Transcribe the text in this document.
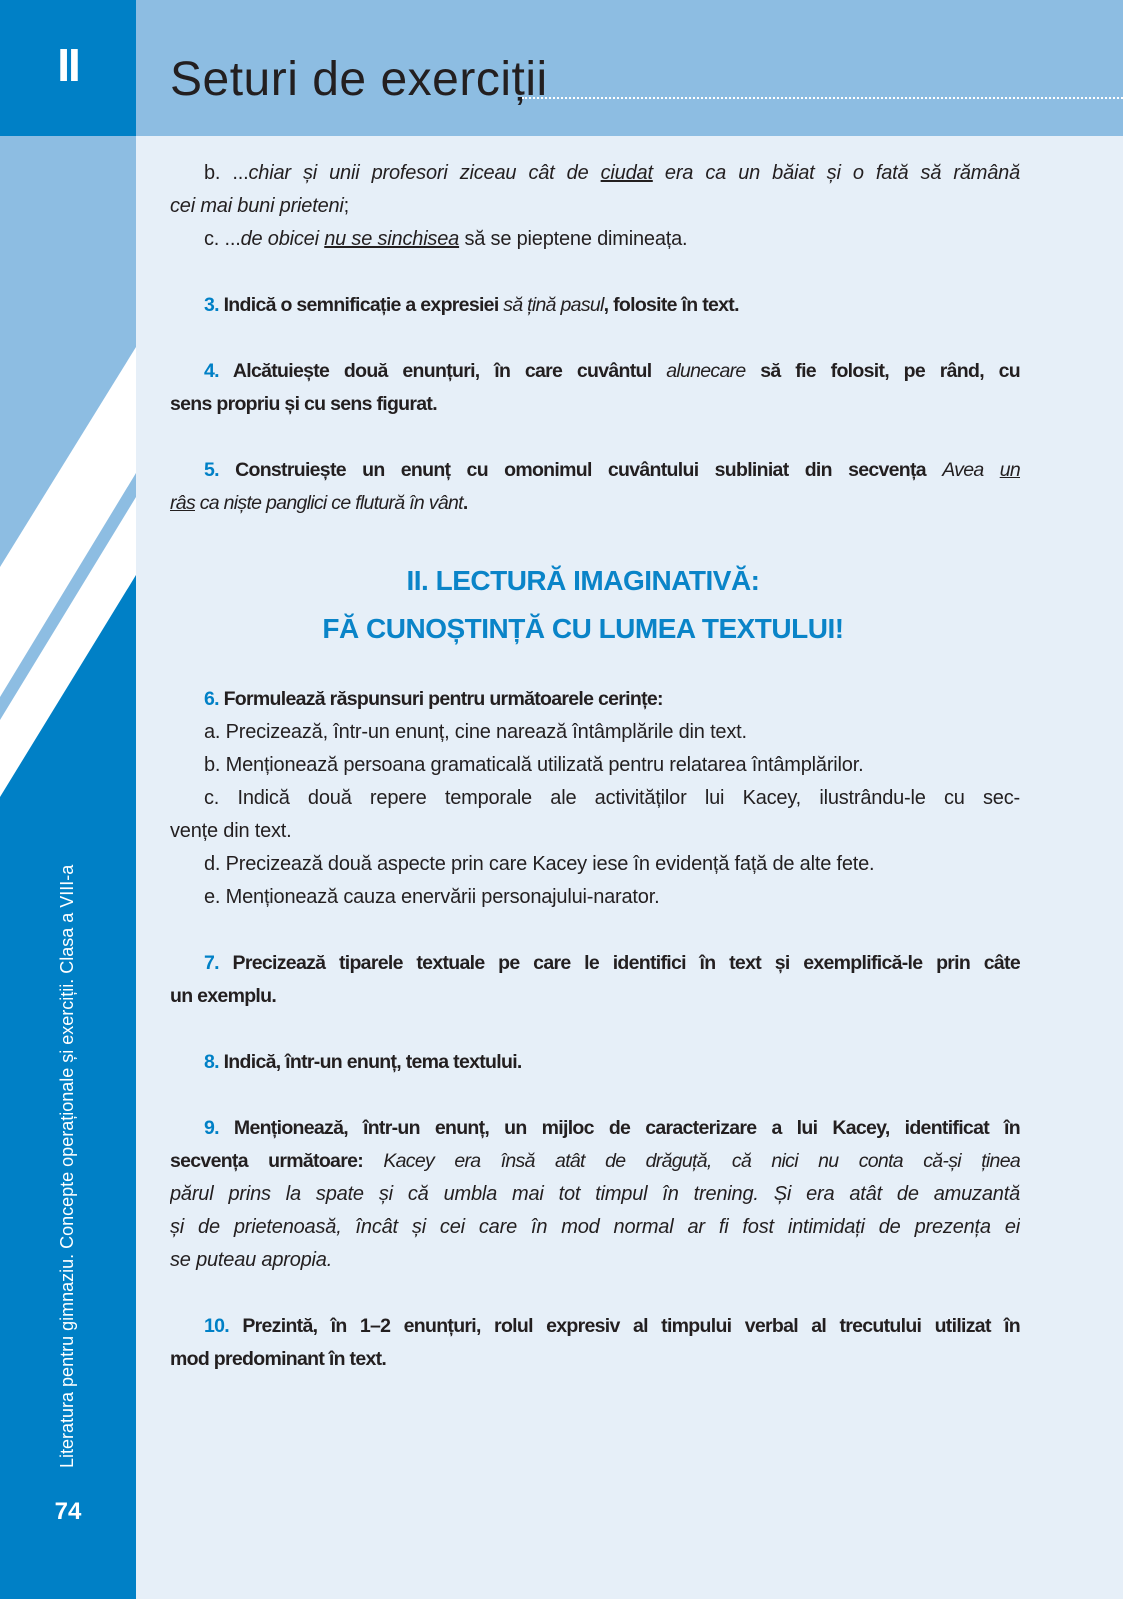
Literatura pentru gimnaziu. Concepte operaționale și exerciții. Clasa a VIII-a
74
II	Seturi de exerciții
b. ...chiar și unii profesori ziceau cât de ciudat era ca un băiat și o fată să rămână
cei mai buni prieteni;
c. ...de obicei nu se sinchisea să se pieptene dimineața.
3. Indică o semnificație a expresiei să țină pasul, folosite în text.
4. Alcătuiește două enunțuri, în care cuvântul alunecare să fie folosit, pe rând, cu
sens propriu și cu sens figurat.
5. Construiește un enunț cu omonimul cuvântului subliniat din secvența Avea un
râs ca niște panglici ce flutură în vânt.
II. LECTURĂ IMAGINATIVĂ:
FĂ CUNOȘTINȚĂ CU LUMEA TEXTULUI!
6. Formulează răspunsuri pentru următoarele cerințe:
a. Precizează, într-un enunț, cine narează întâmplările din text.
b. Menționează persoana gramaticală utilizată pentru relatarea întâmplărilor.
c. Indică două repere temporale ale activităților lui Kacey, ilustrându-le cu sec-
vențe din text.
d. Precizează două aspecte prin care Kacey iese în evidență față de alte fete.
e. Menționează cauza enervării personajului-narator.
7. Precizează tiparele textuale pe care le identifici în text și exemplifică-le prin câte
un exemplu.
8. Indică, într-un enunț, tema textului.
9. Menționează, într-un enunț, un mijloc de caracterizare a lui Kacey, identificat în
secvența următoare: Kacey era însă atât de drăguță, că nici nu conta că-și ținea
părul prins la spate și că umbla mai tot timpul în trening. Și era atât de amuzantă
și de prietenoasă, încât și cei care în mod normal ar fi fost intimidați de prezența ei
se puteau apropia.
10. Prezintă, în 1–2 enunțuri, rolul expresiv al timpului verbal al trecutului utilizat în
mod predominant în text.
